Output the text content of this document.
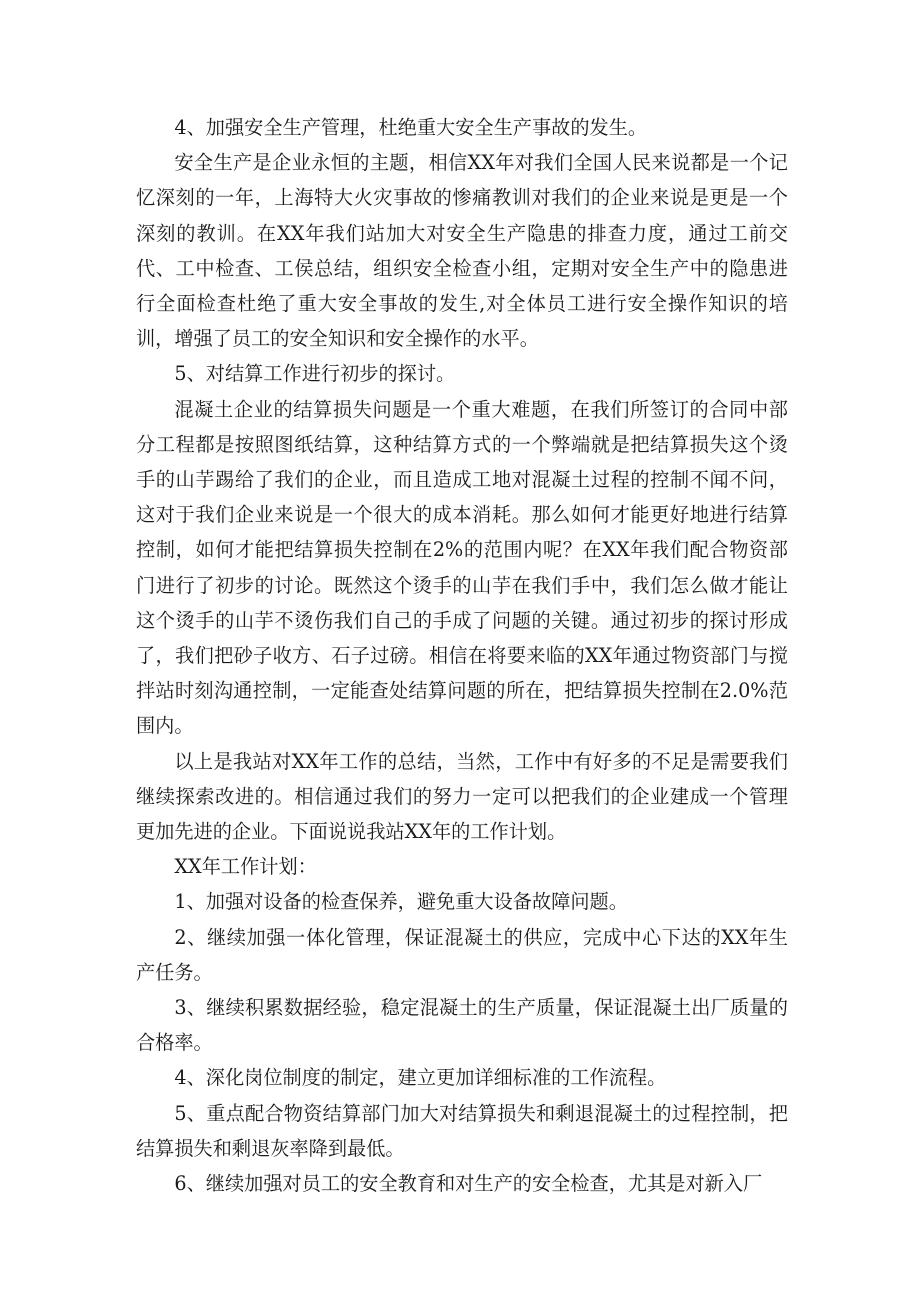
4、加强安全生产管理，杜绝重大安全生产事故的发生。

安全生产是企业永恒的主题，相信XX年对我们全国人民来说都是一个记忆深刻的一年，上海特大火灾事故的惨痛教训对我们的企业来说是更是一个深刻的教训。在XX年我们站加大对安全生产隐患的排查力度，通过工前交代、工中检查、工侯总结，组织安全检查小组，定期对安全生产中的隐患进行全面检查杜绝了重大安全事故的发生,对全体员工进行安全操作知识的培训，增强了员工的安全知识和安全操作的水平。

5、对结算工作进行初步的探讨。

混凝土企业的结算损失问题是一个重大难题，在我们所签订的合同中部分工程都是按照图纸结算，这种结算方式的一个弊端就是把结算损失这个烫手的山芋踢给了我们的企业，而且造成工地对混凝土过程的控制不闻不问，这对于我们企业来说是一个很大的成本消耗。那么如何才能更好地进行结算控制，如何才能把结算损失控制在2%的范围内呢？在XX年我们配合物资部门进行了初步的讨论。既然这个烫手的山芋在我们手中，我们怎么做才能让这个烫手的山芋不烫伤我们自己的手成了问题的关键。通过初步的探讨形成了，我们把砂子收方、石子过磅。相信在将要来临的XX年通过物资部门与搅拌站时刻沟通控制，一定能查处结算问题的所在，把结算损失控制在2.0%范围内。

以上是我站对XX年工作的总结，当然，工作中有好多的不足是需要我们继续探索改进的。相信通过我们的努力一定可以把我们的企业建成一个管理更加先进的企业。下面说说我站XX年的工作计划。

XX年工作计划：

1、加强对设备的检查保养，避免重大设备故障问题。

2、继续加强一体化管理，保证混凝土的供应，完成中心下达的XX年生产任务。

3、继续积累数据经验，稳定混凝土的生产质量，保证混凝土出厂质量的合格率。

4、深化岗位制度的制定，建立更加详细标准的工作流程。

5、重点配合物资结算部门加大对结算损失和剩退混凝土的过程控制，把结算损失和剩退灰率降到最低。

6、继续加强对员工的安全教育和对生产的安全检查，尤其是对新入厂
